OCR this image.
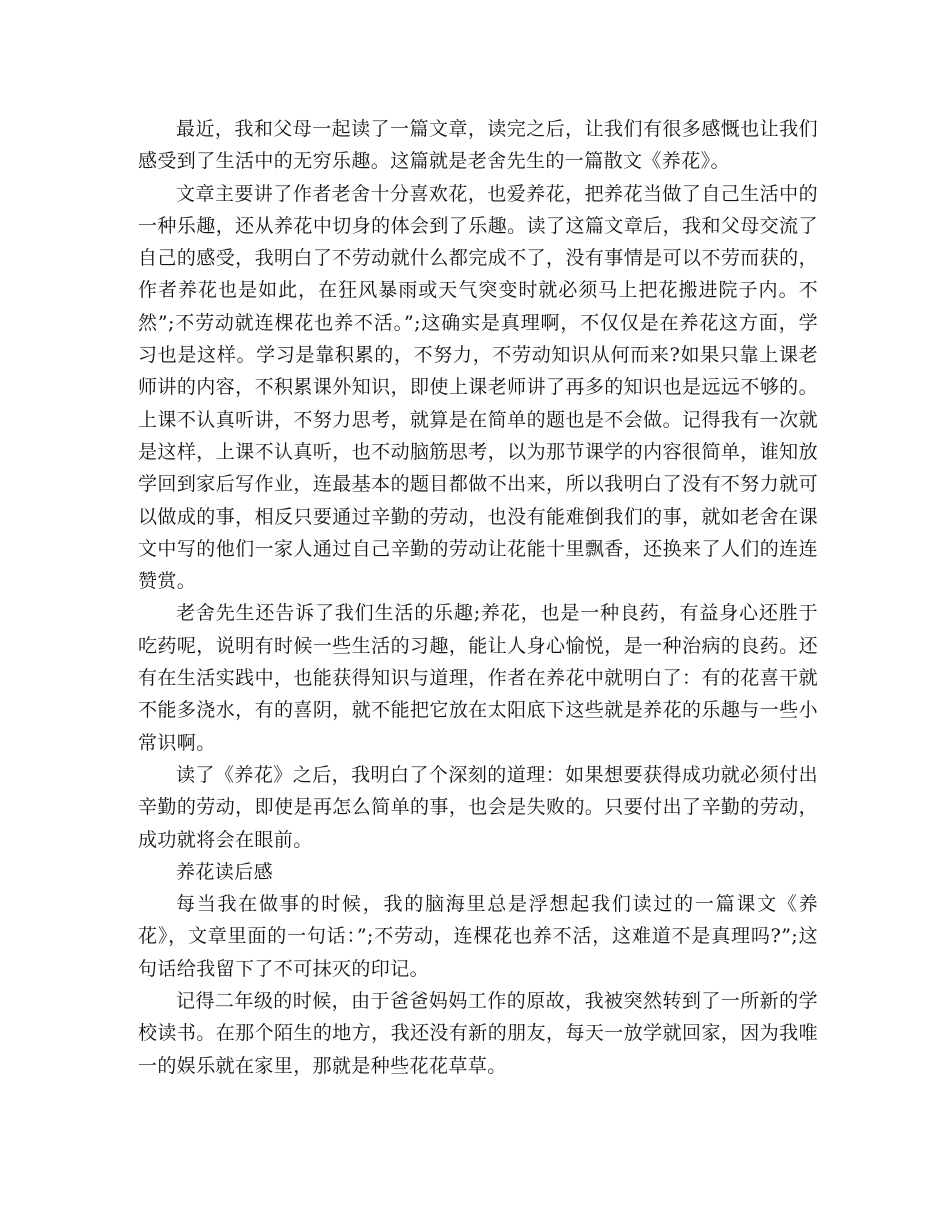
最近，我和父母一起读了一篇文章，读完之后，让我们有很多感慨也让我们感受到了生活中的无穷乐趣。这篇就是老舍先生的一篇散文《养花》。

文章主要讲了作者老舍十分喜欢花，也爱养花，把养花当做了自己生活中的一种乐趣，还从养花中切身的体会到了乐趣。读了这篇文章后，我和父母交流了自己的感受，我明白了不劳动就什么都完成不了，没有事情是可以不劳而获的，作者养花也是如此，在狂风暴雨或天气突变时就必须马上把花搬进院子内。不然”;不劳动就连棵花也养不活。”;这确实是真理啊，不仅仅是在养花这方面，学习也是这样。学习是靠积累的，不努力，不劳动知识从何而来?如果只靠上课老师讲的内容，不积累课外知识，即使上课老师讲了再多的知识也是远远不够的。上课不认真听讲，不努力思考，就算是在简单的题也是不会做。记得我有一次就是这样，上课不认真听，也不动脑筋思考，以为那节课学的内容很简单，谁知放学回到家后写作业，连最基本的题目都做不出来，所以我明白了没有不努力就可以做成的事，相反只要通过辛勤的劳动，也没有能难倒我们的事，就如老舍在课文中写的他们一家人通过自己辛勤的劳动让花能十里飘香，还换来了人们的连连赞赏。

老舍先生还告诉了我们生活的乐趣;养花，也是一种良药，有益身心还胜于吃药呢，说明有时候一些生活的习趣，能让人身心愉悦，是一种治病的良药。还有在生活实践中，也能获得知识与道理，作者在养花中就明白了：有的花喜干就不能多浇水，有的喜阴，就不能把它放在太阳底下这些就是养花的乐趣与一些小常识啊。

读了《养花》之后，我明白了个深刻的道理：如果想要获得成功就必须付出辛勤的劳动，即使是再怎么简单的事，也会是失败的。只要付出了辛勤的劳动，成功就将会在眼前。

养花读后感

每当我在做事的时候，我的脑海里总是浮想起我们读过的一篇课文《养花》，文章里面的一句话：”;不劳动，连棵花也养不活，这难道不是真理吗?”;这句话给我留下了不可抹灭的印记。

记得二年级的时候，由于爸爸妈妈工作的原故，我被突然转到了一所新的学校读书。在那个陌生的地方，我还没有新的朋友，每天一放学就回家，因为我唯一的娱乐就在家里，那就是种些花花草草。
